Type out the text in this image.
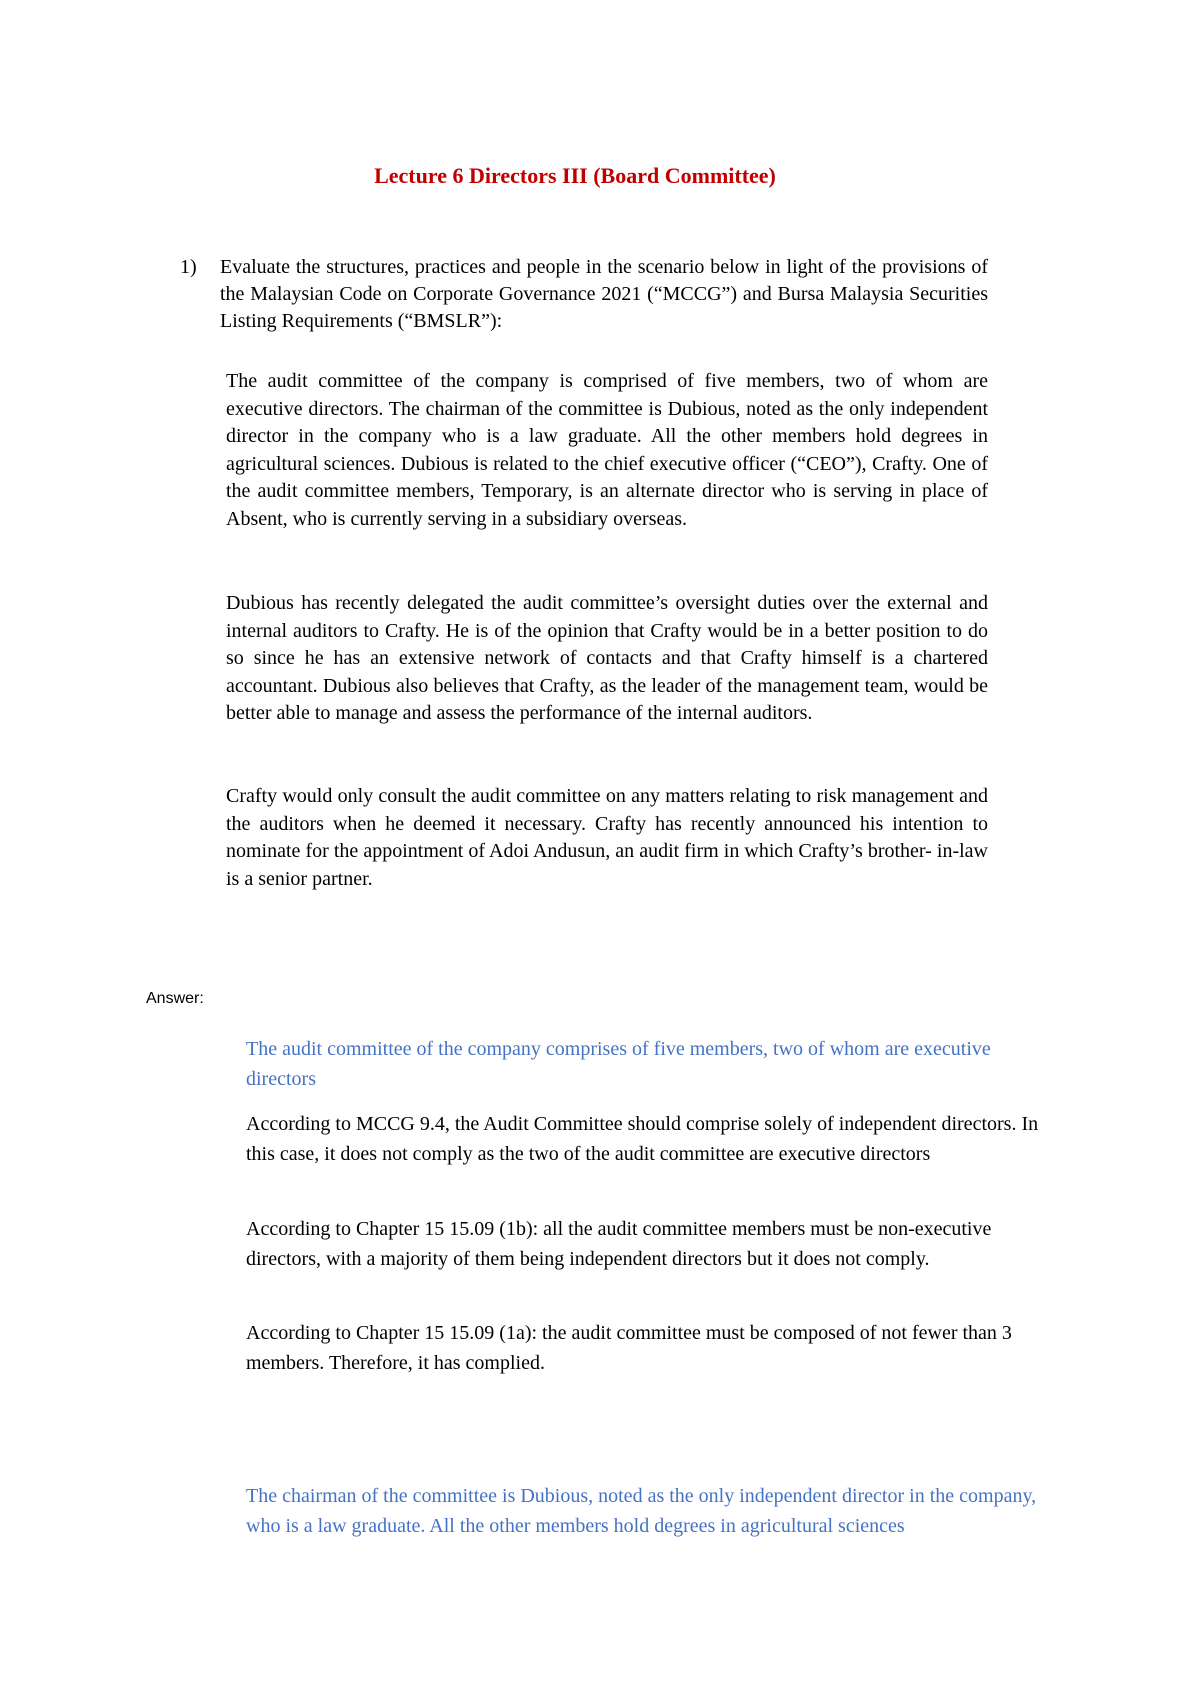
Lecture 6 Directors III (Board Committee)
1) Evaluate the structures, practices and people in the scenario below in light of the provisions of the Malaysian Code on Corporate Governance 2021 (“MCCG”) and Bursa Malaysia Securities Listing Requirements (“BMSLR”):

The audit committee of the company is comprised of five members, two of whom are executive directors. The chairman of the committee is Dubious, noted as the only independent director in the company who is a law graduate. All the other members hold degrees in agricultural sciences. Dubious is related to the chief executive officer (“CEO”), Crafty. One of the audit committee members, Temporary, is an alternate director who is serving in place of Absent, who is currently serving in a subsidiary overseas.

Dubious has recently delegated the audit committee’s oversight duties over the external and internal auditors to Crafty. He is of the opinion that Crafty would be in a better position to do so since he has an extensive network of contacts and that Crafty himself is a chartered accountant. Dubious also believes that Crafty, as the leader of the management team, would be better able to manage and assess the performance of the internal auditors.

Crafty would only consult the audit committee on any matters relating to risk management and the auditors when he deemed it necessary. Crafty has recently announced his intention to nominate for the appointment of Adoi Andusun, an audit firm in which Crafty’s brother- in-law is a senior partner.

Answer:

The audit committee of the company comprises of five members, two of whom are executive directors

According to MCCG 9.4, the Audit Committee should comprise solely of independent directors. In this case, it does not comply as the two of the audit committee are executive directors

According to Chapter 15 15.09 (1b): all the audit committee members must be non-executive directors, with a majority of them being independent directors but it does not comply.

According to Chapter 15 15.09 (1a): the audit committee must be composed of not fewer than 3 members. Therefore, it has complied.

The chairman of the committee is Dubious, noted as the only independent director in the company, who is a law graduate. All the other members hold degrees in agricultural sciences
